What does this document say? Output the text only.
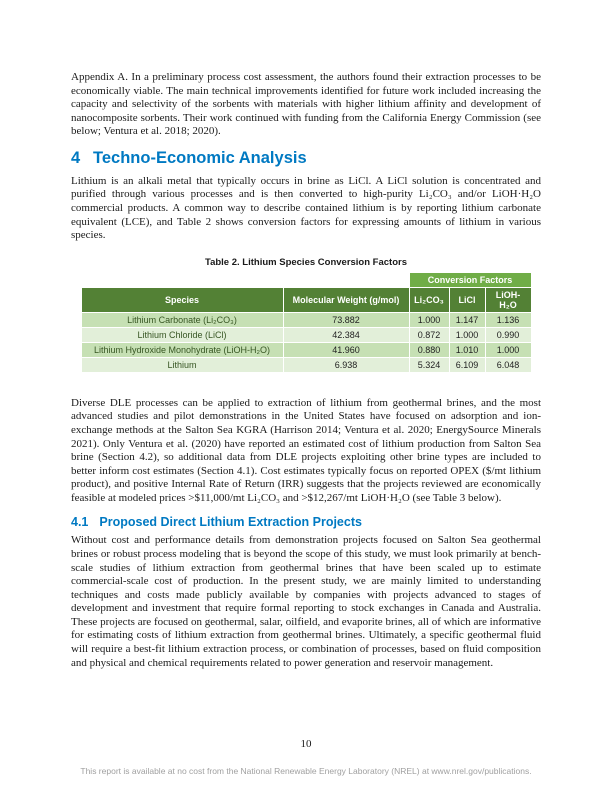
Appendix A. In a preliminary process cost assessment, the authors found their extraction processes to be economically viable. The main technical improvements identified for future work included increasing the capacity and selectivity of the sorbents with materials with higher lithium affinity and development of nanocomposite sorbents. Their work continued with funding from the California Energy Commission (see below; Ventura et al. 2018; 2020).

4 Techno-Economic Analysis

Lithium is an alkali metal that typically occurs in brine as LiCl. A LiCl solution is concentrated and purified through various processes and is then converted to high-purity Li₂CO₃ and/or LiOH·H₂O commercial products. A common way to describe contained lithium is by reporting lithium carbonate equivalent (LCE), and Table 2 shows conversion factors for expressing amounts of lithium in various species.

Table 2. Lithium Species Conversion Factors
		Conversion Factors		
Species	Molecular Weight (g/mol)	Li₂CO₃	LiCl	LiOH-H₂O
Lithium Carbonate (Li₂CO₃)	73.882	1.000	1.147	1.136
Lithium Chloride (LiCl)	42.384	0.872	1.000	0.990
Lithium Hydroxide Monohydrate (LiOH-H₂O)	41.960	0.880	1.010	1.000
Lithium	6.938	5.324	6.109	6.048

Diverse DLE processes can be applied to extraction of lithium from geothermal brines, and the most advanced studies and pilot demonstrations in the United States have focused on adsorption and ion-exchange methods at the Salton Sea KGRA (Harrison 2014; Ventura et al. 2020; EnergySource Minerals 2021). Only Ventura et al. (2020) have reported an estimated cost of lithium production from Salton Sea brine (Section 4.2), so additional data from DLE projects exploiting other brine types are included to better inform cost estimates (Section 4.1). Cost estimates typically focus on reported OPEX ($/mt lithium product), and positive Internal Rate of Return (IRR) suggests that the projects reviewed are economically feasible at modeled prices >$11,000/mt Li₂CO₃ and >$12,267/mt LiOH·H₂O (see Table 3 below).

4.1 Proposed Direct Lithium Extraction Projects

Without cost and performance details from demonstration projects focused on Salton Sea geothermal brines or robust process modeling that is beyond the scope of this study, we must look primarily at bench-scale studies of lithium extraction from geothermal brines that have been scaled up to estimate commercial-scale cost of production. In the present study, we are mainly limited to understanding techniques and costs made publicly available by companies with projects advanced to stages of development and investment that require formal reporting to stock exchanges in Canada and Australia. These projects are focused on geothermal, salar, oilfield, and evaporite brines, all of which are informative for estimating costs of lithium extraction from geothermal brines. Ultimately, a specific geothermal fluid will require a best-fit lithium extraction process, or combination of processes, based on fluid composition and physical and chemical requirements related to power generation and reservoir management.

10
This report is available at no cost from the National Renewable Energy Laboratory (NREL) at www.nrel.gov/publications.
